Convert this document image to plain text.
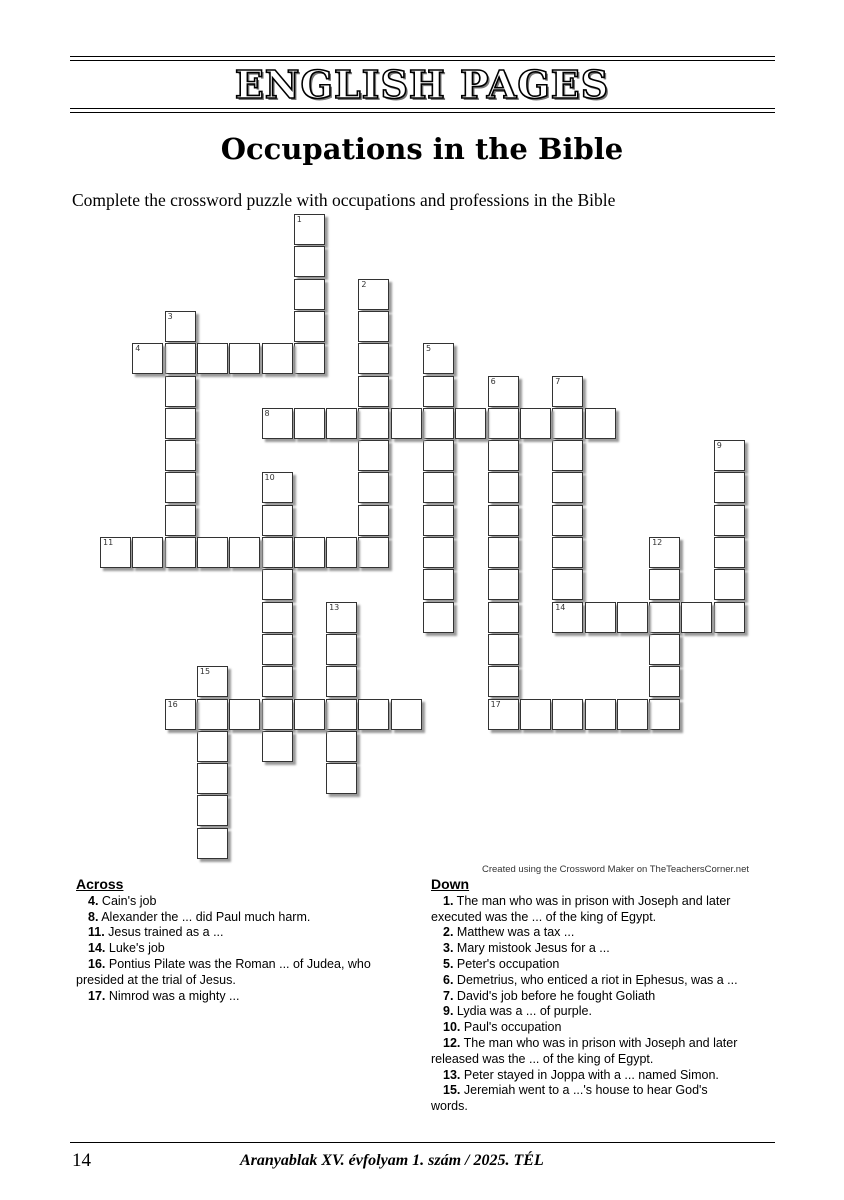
ENGLISH PAGES
Occupations in the Bible
Complete the crossword puzzle with occupations and professions in the Bible
1
2
3
4	5
6
17
7
14
8
9
10
11	12
13
15
16
Created using the Crossword Maker on TheTeachersCorner.net
Across
4. Cain's job
8. Alexander the ... did Paul much harm.
11. Jesus trained as a ...
14. Luke's job
16. Pontius Pilate was the Roman ... of Judea, who
presided at the trial of Jesus.
17. Nimrod was a mighty ...
Down
1. The man who was in prison with Joseph and later
executed was the ... of the king of Egypt.
2. Matthew was a tax ...
3. Mary mistook Jesus for a ...
5. Peter's occupation
6. Demetrius, who enticed a riot in Ephesus, was a ...
7. David's job before he fought Goliath
9. Lydia was a ... of purple.
10. Paul's occupation
12. The man who was in prison with Joseph and later
released was the ... of the king of Egypt.
13. Peter stayed in Joppa with a ... named Simon.
15. Jeremiah went to a ...'s house to hear God's
words.
14	Aranyablak XV. évfolyam 1. szám / 2025. TÉL
